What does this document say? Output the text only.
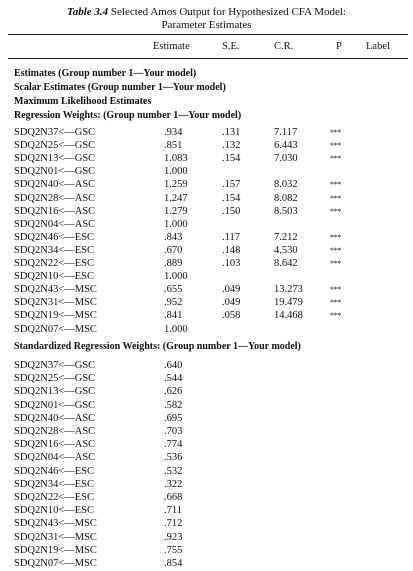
Table 3.4 Selected Amos Output for Hypothesized CFA Model:
Parameter Estimates
Estimate	S.E.	C.R.	P Label
Estimates (Group number 1—Your model)
Scalar Estimates (Group number 1—Your model)
Maximum Likelihood Estimates
Regression Weights: (Group number 1—Your model)
SDQ2N37<—GSC	.934	.131	7.117	***
SDQ2N25<—GSC	.851	.132	6.443	***
SDQ2N13<—GSC	1.083	.154	7.030	***
SDQ2N01<—GSC	1.000
SDQ2N40<—ASC	1.259	.157	8.032	***
SDQ2N28<—ASC	1.247	.154	8.082	***
SDQ2N16<—ASC	1.279	.150	8.503	***
SDQ2N04<—ASC	1.000
SDQ2N46<—ESC	.843	.117	7.212	***
SDQ2N34<—ESC	.670	.148	4.530	***
SDQ2N22<—ESC	.889	.103	8.642	***
SDQ2N10<—ESC	1.000
SDQ2N43<—MSC	.655	.049	13.273	***
SDQ2N31<—MSC	.952	.049	19.479	***
SDQ2N19<—MSC	.841	.058	14.468	***
SDQ2N07<—MSC	1.000
Standardized Regression Weights: (Group number 1—Your model)
SDQ2N37<—GSC	.640
SDQ2N25<—GSC	.544
SDQ2N13<—GSC	.626
SDQ2N01<—GSC	.582
SDQ2N40<—ASC	.695
SDQ2N28<—ASC	.703
SDQ2N16<—ASC	.774
SDQ2N04<—ASC	.536
SDQ2N46<—ESC	.532
SDQ2N34<—ESC	.322
SDQ2N22<—ESC	.668
SDQ2N10<—ESC	.711
SDQ2N43<—MSC	.712
SDQ2N31<—MSC	.923
SDQ2N19<—MSC	.755
SDQ2N07<—MSC	.854
